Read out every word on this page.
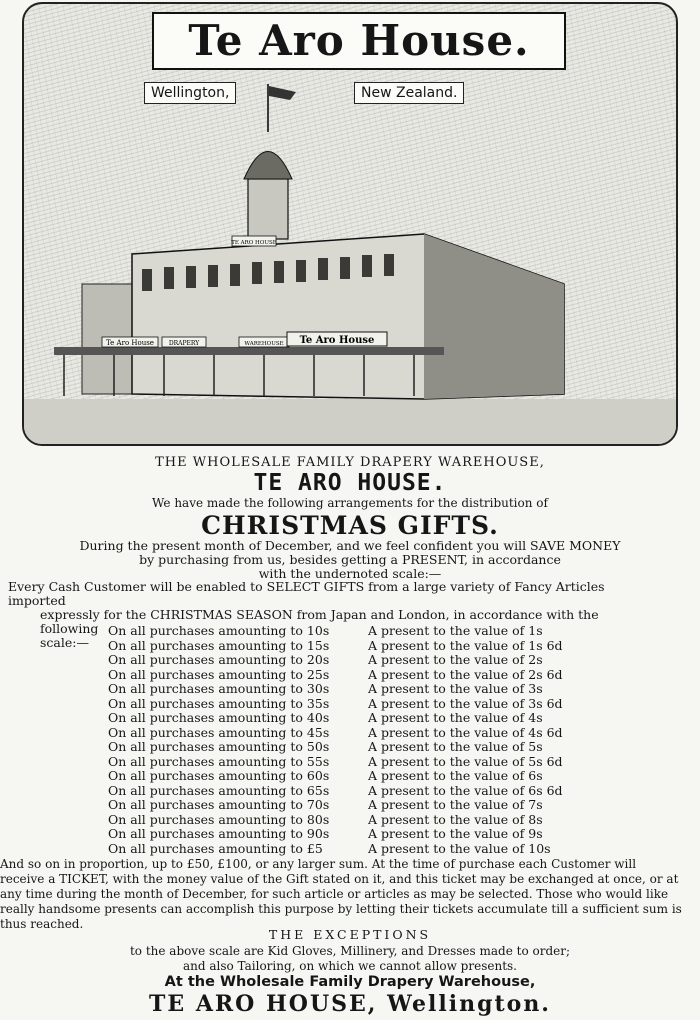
Te Aro House DRAPERY	WAREHOUSE Te Aro House
TE ARO HOUSE
Te Aro House.
Wellington,	New Zealand.
THE WHOLESALE FAMILY DRAPERY WAREHOUSE,
TE ARO HOUSE.
We have made the following arrangements for the distribution of
CHRISTMAS GIFTS.
During the present month of December, and we feel confident you will SAVE MONEY
by purchasing from us, besides getting a PRESENT, in accordance
with the undernoted scale:—
Every Cash Customer will be enabled to SELECT GIFTS from a large variety of Fancy Articles imported
expressly for the CHRISTMAS SEASON from Japan and London, in accordance with the following
scale:—
On all purchases amounting to 10s	A present to the value of 1s
On all purchases amounting to 15s	A present to the value of 1s 6d
On all purchases amounting to 20s	A present to the value of 2s
On all purchases amounting to 25s	A present to the value of 2s 6d
On all purchases amounting to 30s	A present to the value of 3s
On all purchases amounting to 35s	A present to the value of 3s 6d
On all purchases amounting to 40s	A present to the value of 4s
On all purchases amounting to 45s	A present to the value of 4s 6d
On all purchases amounting to 50s	A present to the value of 5s
On all purchases amounting to 55s	A present to the value of 5s 6d
On all purchases amounting to 60s	A present to the value of 6s
On all purchases amounting to 65s	A present to the value of 6s 6d
On all purchases amounting to 70s	A present to the value of 7s
On all purchases amounting to 80s	A present to the value of 8s
On all purchases amounting to 90s	A present to the value of 9s
On all purchases amounting to £5	A present to the value of 10s
And so on in proportion, up to £50, £100, or any larger sum. At the time of purchase each Customer will
receive a TICKET, with the money value of the Gift stated on it, and this ticket may be exchanged at once, or at
any time during the month of December, for such article or articles as may be selected. Those who would like
really handsome presents can accomplish this purpose by letting their tickets accumulate till a sufficient sum is
thus reached.
THE EXCEPTIONS
to the above scale are Kid Gloves, Millinery, and Dresses made to order;
and also Tailoring, on which we cannot allow presents.
At the Wholesale Family Drapery Warehouse,
TE ARO HOUSE, Wellington.
